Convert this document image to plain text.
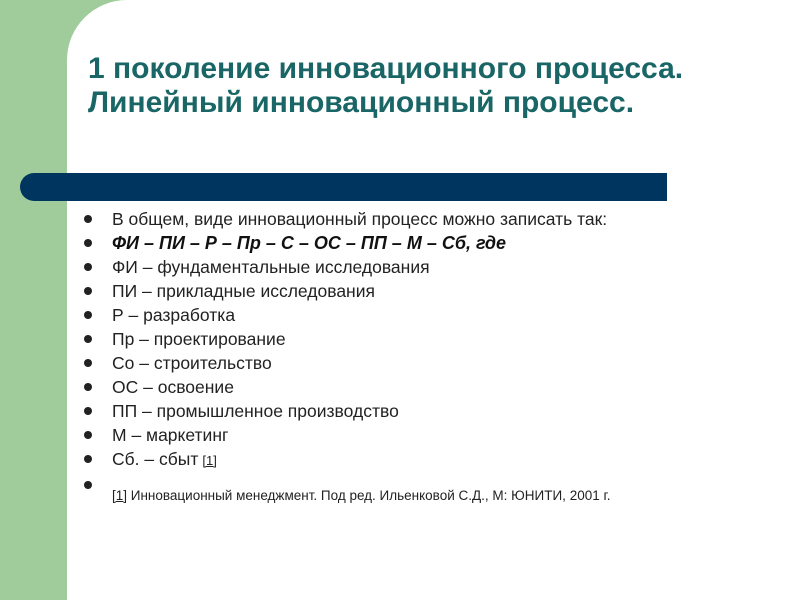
1 поколение инновационного процесса. Линейный инновационный процесс.
В общем, виде инновационный процесс можно записать так:
ФИ – ПИ – Р – Пр – С – ОС – ПП – М – Сб, где
ФИ – фундаментальные исследования
ПИ – прикладные исследования
Р – разработка
Пр – проектирование
Со – строительство
ОС – освоение
ПП – промышленное производство
М – маркетинг
Сб. – сбыт [1]
[1] Инновационный менеджмент. Под ред. Ильенковой С.Д., М: ЮНИТИ, 2001 г.
